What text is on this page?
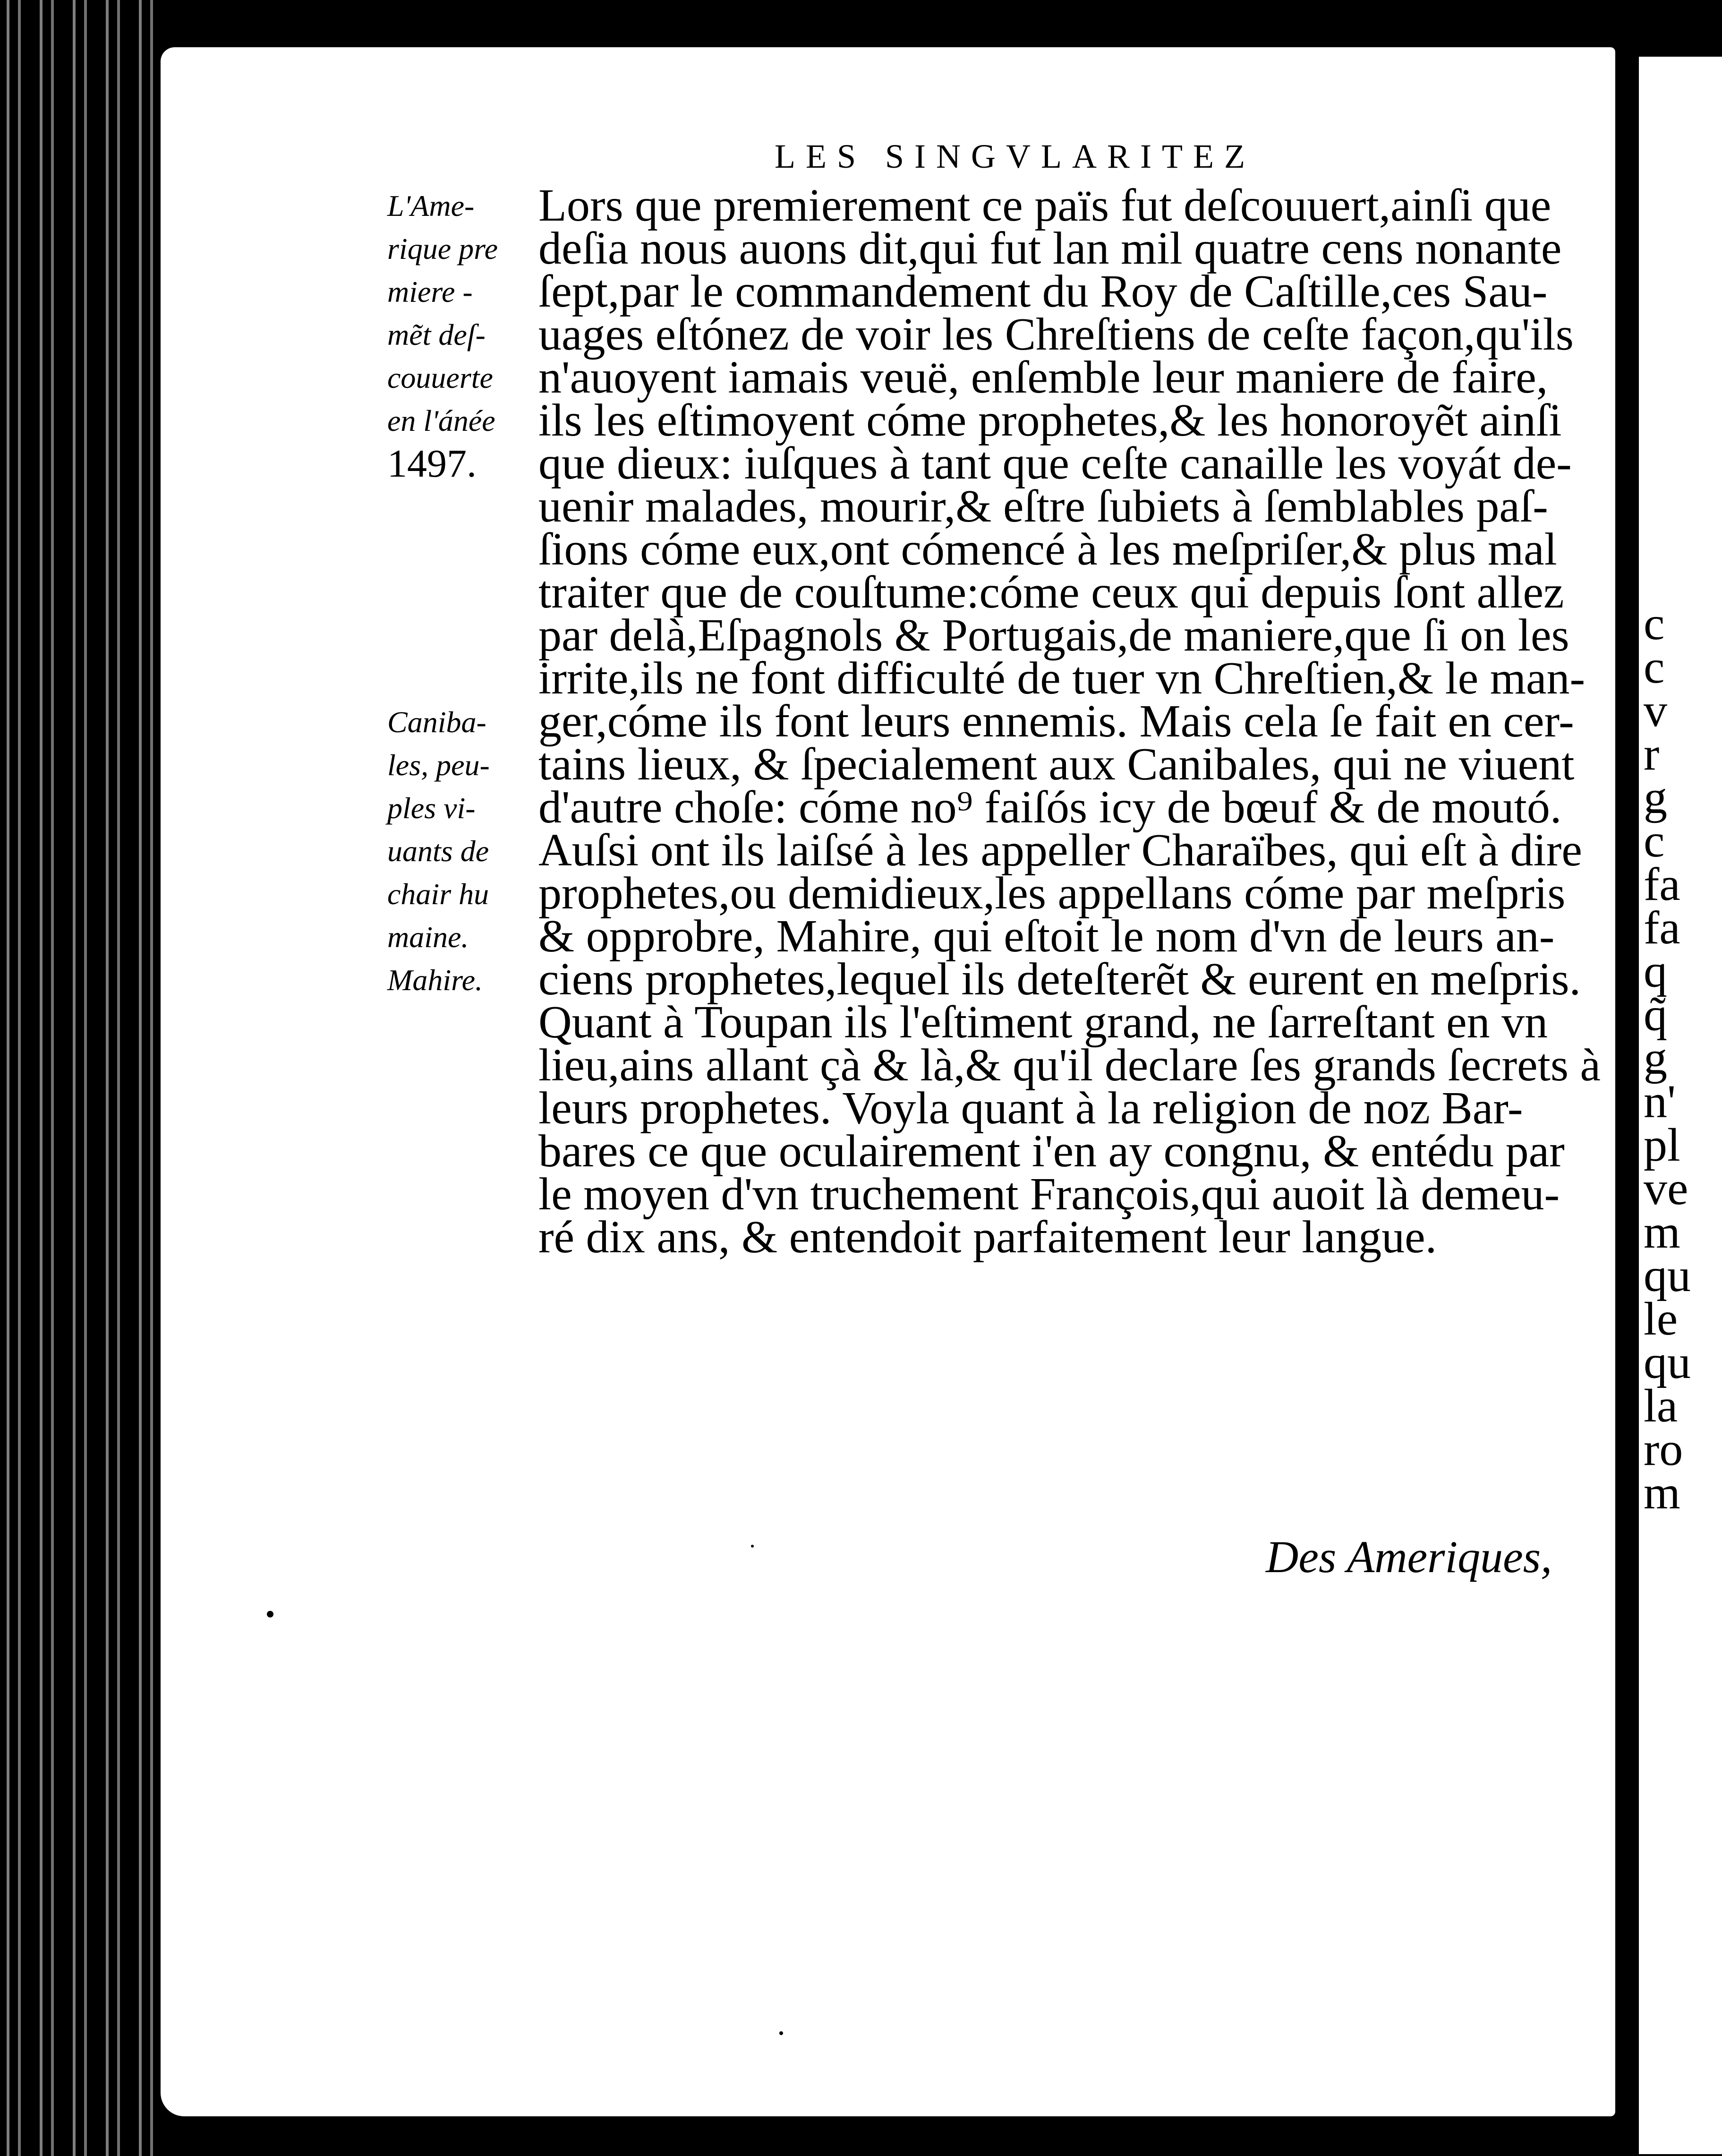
c
c
v
r
g
c
fa
fa
q
q̃
g
n'
pl
ve
m
qu
le
qu
la
ro
m
LES SINGVLARITEZ
L'Ame-
rique pre
miere -
mẽt deſ-
couuerte
en l'ánée
1497.
Caniba-
les, peu-
ples vi-
uants de
chair hu
maine.
Mahire.
Lors que premierement ce païs fut deſcouuert,ainſi que
deſia nous auons dit,qui fut lan mil quatre cens nonante
ſept,par le commandement du Roy de Caſtille,ces Sau-
uages eſtónez de voir les Chreſtiens de ceſte façon,qu'ils
n'auoyent iamais veuë, enſemble leur maniere de faire,
ils les eſtimoyent cóme prophetes,& les honoroyẽt ainſi
que dieux: iuſques à tant que ceſte canaille les voyát de-
uenir malades, mourir,& eſtre ſubiets à ſemblables paſ-
ſions cóme eux,ont cómencé à les meſpriſer,& plus mal
traiter que de couſtume:cóme ceux qui depuis ſont allez
par delà,Eſpagnols & Portugais,de maniere,que ſi on les
irrite,ils ne font difficulté de tuer vn Chreſtien,& le man-
ger,cóme ils font leurs ennemis. Mais cela ſe fait en cer-
tains lieux, & ſpecialement aux Canibales, qui ne viuent
d'autre choſe: cóme no⁹ faiſós icy de bœuf & de moutó.
Auſsi ont ils laiſsé à les appeller Charaïbes, qui eſt à dire
prophetes,ou demidieux,les appellans cóme par meſpris
& opprobre, Mahire, qui eſtoit le nom d'vn de leurs an-
ciens prophetes,lequel ils deteſterẽt & eurent en meſpris.
Quant à Toupan ils l'eſtiment grand, ne ſarreſtant en vn
lieu,ains allant çà & là,& qu'il declare ſes grands ſecrets à
leurs prophetes. Voyla quant à la religion de noz Bar-
bares ce que oculairement i'en ay congnu, & entédu par
le moyen d'vn truchement François,qui auoit là demeu-
ré dix ans, & entendoit parfaitement leur langue.
Des Ameriques,
